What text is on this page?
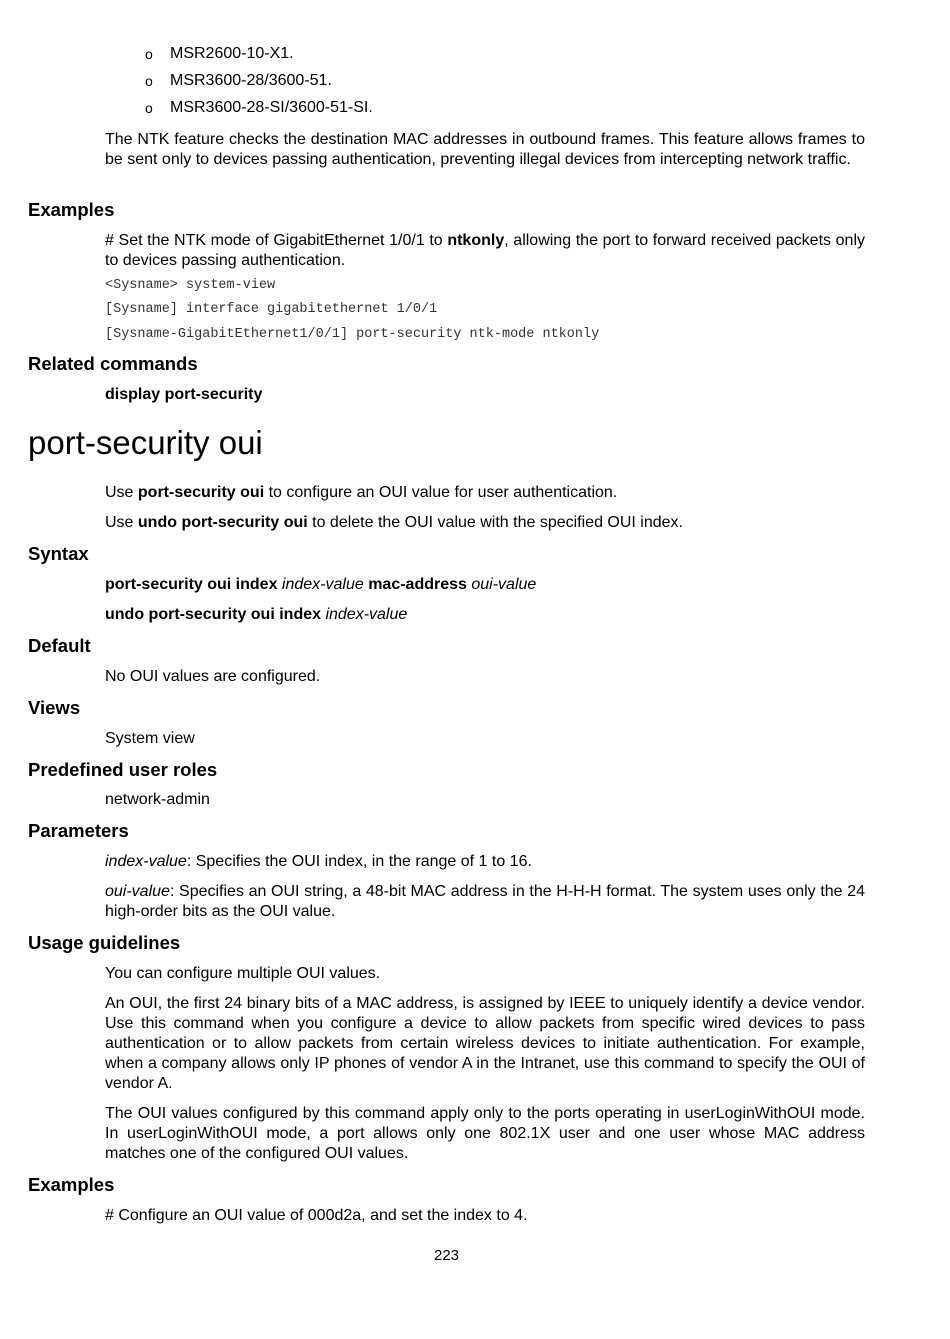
o MSR2600-10-X1.
o MSR3600-28/3600-51.
o MSR3600-28-SI/3600-51-SI.
The NTK feature checks the destination MAC addresses in outbound frames. This feature allows frames to be sent only to devices passing authentication, preventing illegal devices from intercepting network traffic.
Examples
# Set the NTK mode of GigabitEthernet 1/0/1 to ntkonly, allowing the port to forward received packets only to devices passing authentication.
<Sysname> system-view
[Sysname] interface gigabitethernet 1/0/1
[Sysname-GigabitEthernet1/0/1] port-security ntk-mode ntkonly
Related commands
display port-security
port-security oui
Use port-security oui to configure an OUI value for user authentication.
Use undo port-security oui to delete the OUI value with the specified OUI index.
Syntax
port-security oui index index-value mac-address oui-value
undo port-security oui index index-value
Default
No OUI values are configured.
Views
System view
Predefined user roles
network-admin
Parameters
index-value: Specifies the OUI index, in the range of 1 to 16.
oui-value: Specifies an OUI string, a 48-bit MAC address in the H-H-H format. The system uses only the 24 high-order bits as the OUI value.
Usage guidelines
You can configure multiple OUI values.
An OUI, the first 24 binary bits of a MAC address, is assigned by IEEE to uniquely identify a device vendor. Use this command when you configure a device to allow packets from specific wired devices to pass authentication or to allow packets from certain wireless devices to initiate authentication. For example, when a company allows only IP phones of vendor A in the Intranet, use this command to specify the OUI of vendor A.
The OUI values configured by this command apply only to the ports operating in userLoginWithOUI mode. In userLoginWithOUI mode, a port allows only one 802.1X user and one user whose MAC address matches one of the configured OUI values.
Examples
# Configure an OUI value of 000d2a, and set the index to 4.
223
